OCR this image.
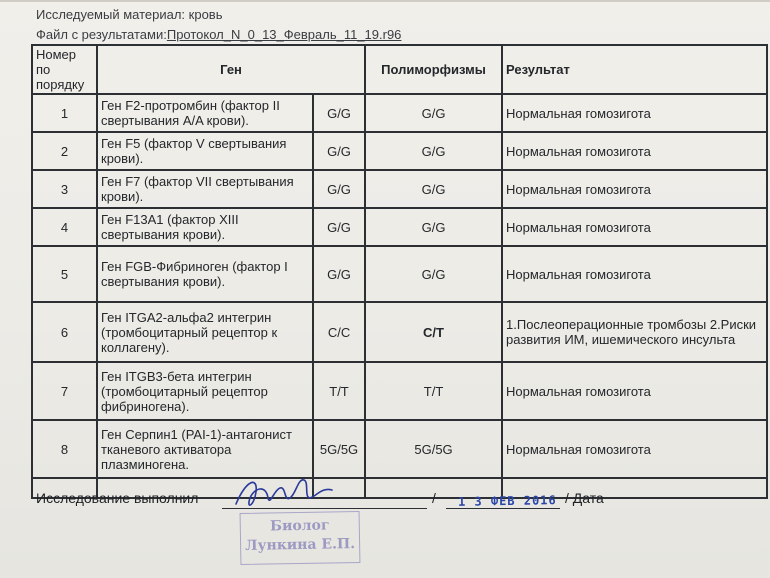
Исследуемый материал: кровь
Файл с результатами:Протокол_N_0_13_Февраль_11_19.r96
Номер по порядку	Ген		Полиморфизмы	Результат
1	Ген F2-протромбин (фактор II свертывания A/A крови).	G/G	G/G	Нормальная гомозигота
2	Ген F5 (фактор V свертывания крови).	G/G	G/G	Нормальная гомозигота
3	Ген F7 (фактор VII свертывания крови).	G/G	G/G	Нормальная гомозигота
4	Ген F13A1 (фактор XIII свертывания крови).	G/G	G/G	Нормальная гомозигота
5	Ген FGB-Фибриноген (фактор I свертывания крови).	G/G	G/G	Нормальная гомозигота
6	Ген ITGA2-альфа2 интегрин (тромбоцитарный рецептор к коллагену).	C/C	C/T	1.Послеоперационные тромбозы 2.Риски развития ИМ, ишемического инсульта
7	Ген ITGB3-бета интегрин (тромбоцитарный рецептор фибриногена).	T/T	T/T	Нормальная гомозигота
8	Ген Серпин1 (PAI-1)-антагонист тканевого активатора плазминогена.	5G/5G	5G/5G	Нормальная гомозигота

Исследование выполнил	/ 1 3 ФЕВ 2016 / Дата
Биолог
Лункина Е.П.
